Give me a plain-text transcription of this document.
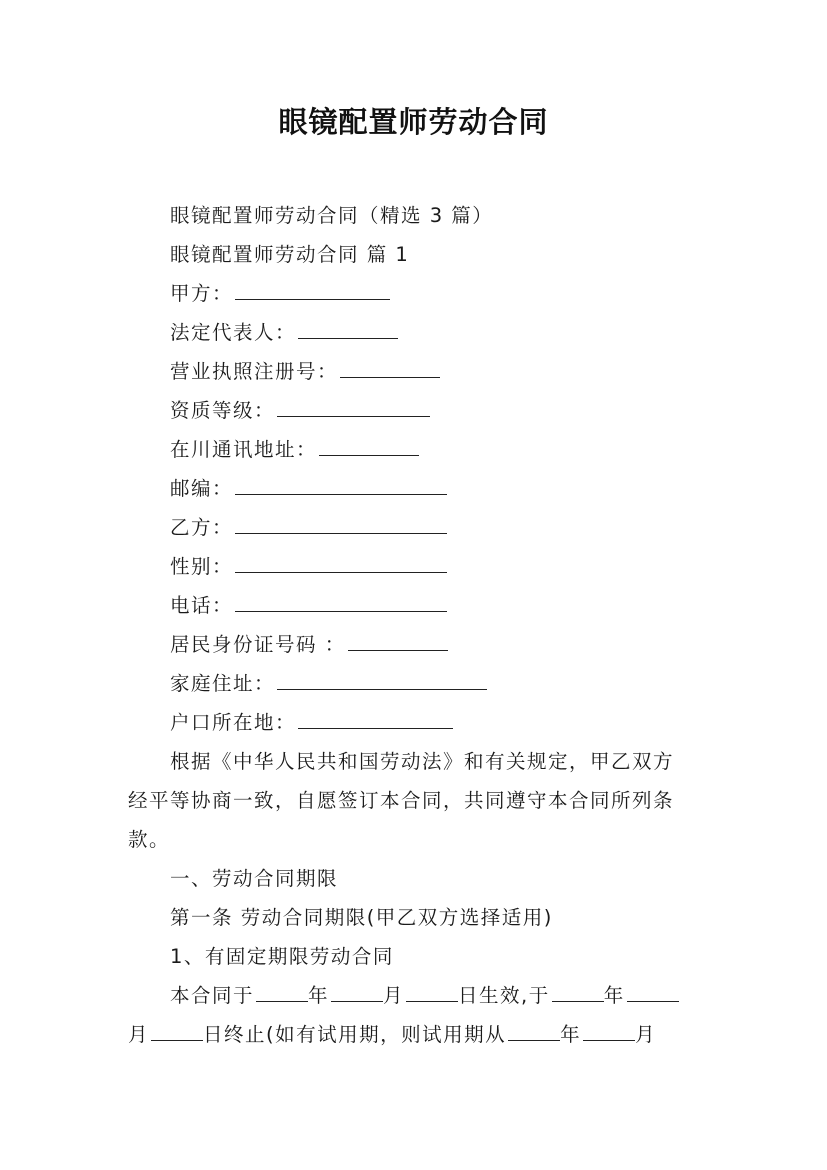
眼镜配置师劳动合同
眼镜配置师劳动合同（精选 3 篇）
眼镜配置师劳动合同 篇 1
甲方：
法定代表人：
营业执照注册号：
资质等级：
在川通讯地址：
邮编：
乙方：
性别：
电话：
居民身份证号码 ：
家庭住址：
户口所在地：
根据《中华人民共和国劳动法》和有关规定，甲乙双方
经平等协商一致，自愿签订本合同，共同遵守本合同所列条
款。
一、劳动合同期限
第一条 劳动合同期限(甲乙双方选择适用)
1、有固定期限劳动合同
本合同于	年	月	日生效,于	年
月	日终止(如有试用期，则试用期从	年	月
